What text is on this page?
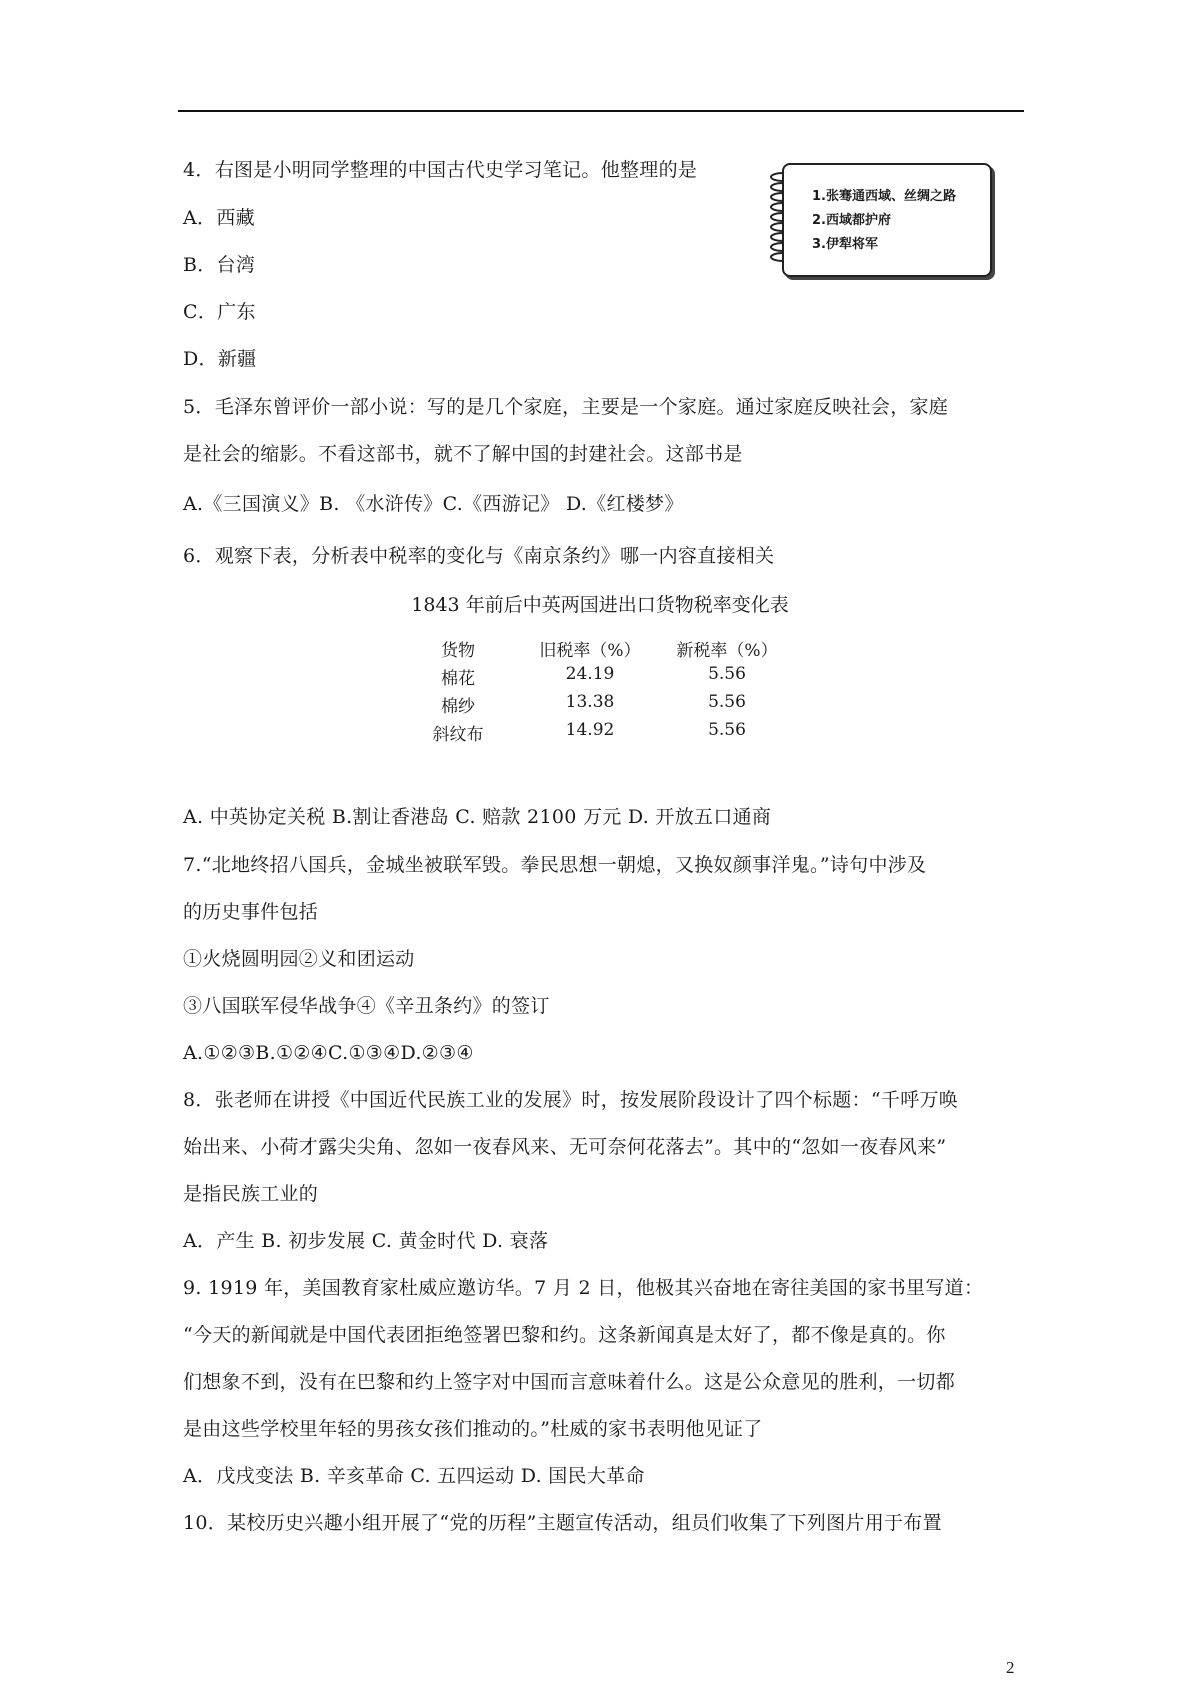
1.张骞通西域、丝绸之路
2.西域都护府
3.伊犁将军
4．右图是小明同学整理的中国古代史学习笔记。他整理的是
A．西藏
B．台湾
C．广东
D．新疆
5．毛泽东曾评价一部小说：写的是几个家庭，主要是一个家庭。通过家庭反映社会，家庭
是社会的缩影。不看这部书，就不了解中国的封建社会。这部书是
A.《三国演义》B. 《水浒传》C.《西游记》 D.《红楼梦》
6．观察下表，分析表中税率的变化与《南京条约》哪一内容直接相关
1843 年前后中英两国进出口货物税率变化表
货物	旧税率（%）	新税率（%）
棉花	24.19	5.56
棉纱	13.38	5.56
斜纹布	14.92	5.56
A. 中英协定关税 B.割让香港岛 C. 赔款 2100 万元 D. 开放五口通商
7.“北地终招八国兵，金城坐被联军毁。拳民思想一朝熄，又换奴颜事洋鬼。”诗句中涉及
的历史事件包括
①火烧圆明园②义和团运动
③八国联军侵华战争④《辛丑条约》的签订
A.①②③B.①②④C.①③④D.②③④
8．张老师在讲授《中国近代民族工业的发展》时，按发展阶段设计了四个标题：“千呼万唤
始出来、小荷才露尖尖角、忽如一夜春风来、无可奈何花落去”。其中的“忽如一夜春风来”
是指民族工业的
A．产生 B. 初步发展 C. 黄金时代 D. 衰落
9. 1919 年，美国教育家杜威应邀访华。7 月 2 日，他极其兴奋地在寄往美国的家书里写道：
“今天的新闻就是中国代表团拒绝签署巴黎和约。这条新闻真是太好了，都不像是真的。你
们想象不到，没有在巴黎和约上签字对中国而言意味着什么。这是公众意见的胜利，一切都
是由这些学校里年轻的男孩女孩们推动的。”杜威的家书表明他见证了
A．戊戌变法 B. 辛亥革命 C. 五四运动 D. 国民大革命
10．某校历史兴趣小组开展了“党的历程”主题宣传活动，组员们收集了下列图片用于布置
2
